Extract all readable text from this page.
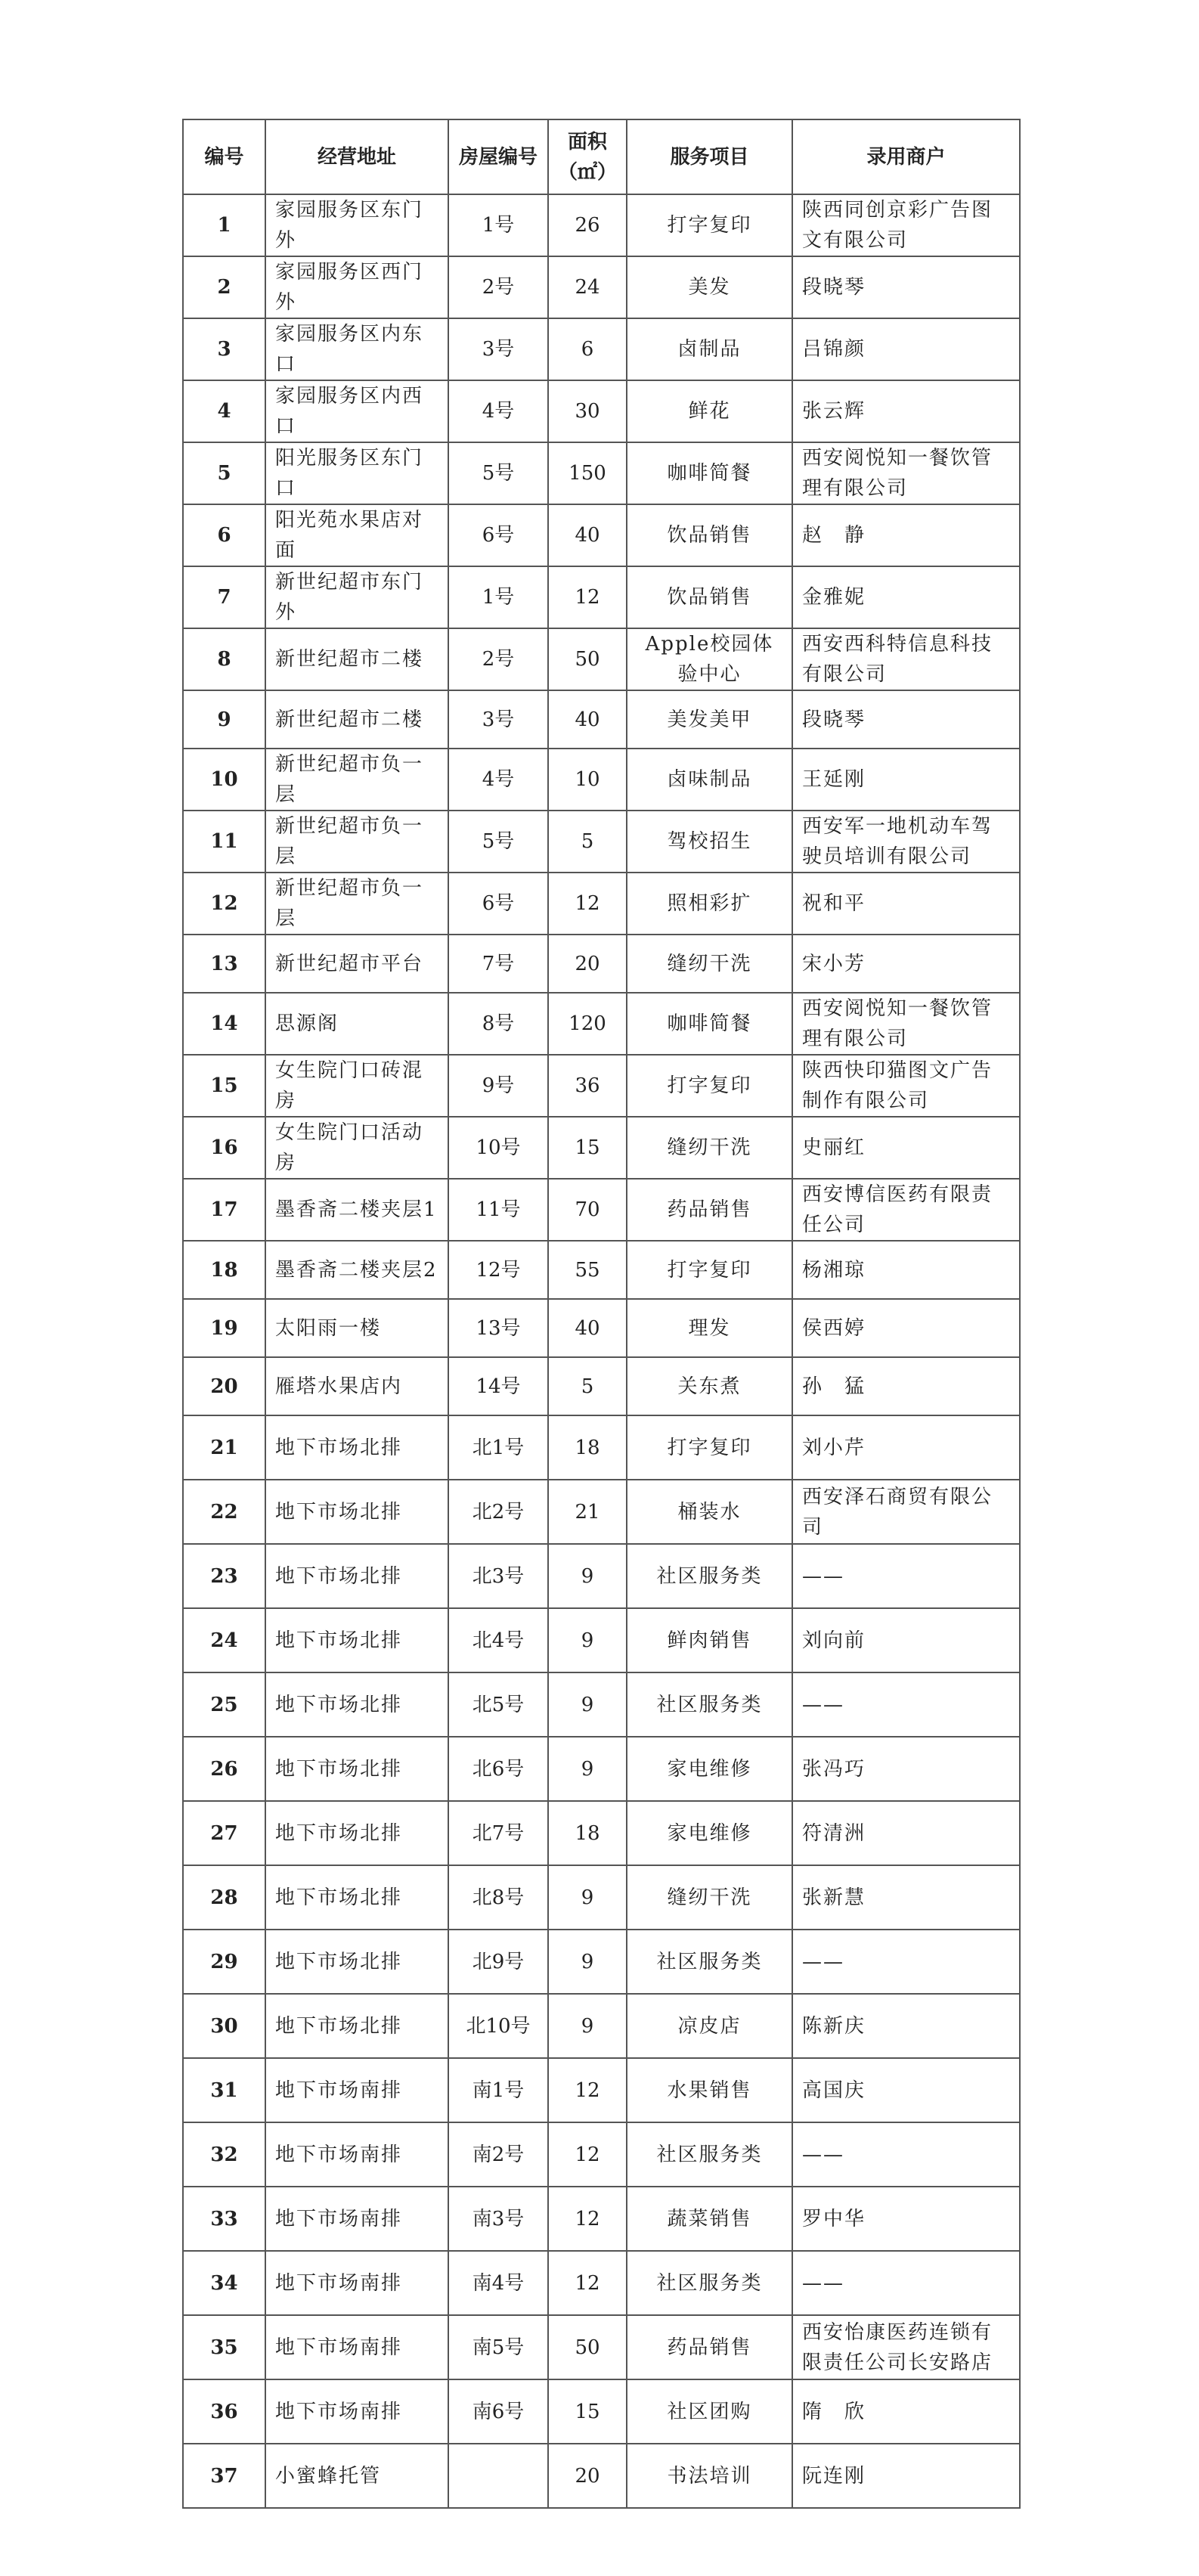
编号	经营地址	房屋编号	面积（㎡）	服务项目	录用商户
1	家园服务区东门外	1号	26	打字复印	陕西同创京彩广告图文有限公司
2	家园服务区西门外	2号	24	美发	段晓琴
3	家园服务区内东口	3号	6	卤制品	吕锦颜
4	家园服务区内西口	4号	30	鲜花	张云辉
5	阳光服务区东门口	5号	150	咖啡简餐	西安阅悦知一餐饮管理有限公司
6	阳光苑水果店对面	6号	40	饮品销售	赵　静
7	新世纪超市东门外	1号	12	饮品销售	金雅妮
8	新世纪超市二楼	2号	50	Apple校园体验中心	西安西科特信息科技有限公司
9	新世纪超市二楼	3号	40	美发美甲	段晓琴
10	新世纪超市负一层	4号	10	卤味制品	王延刚
11	新世纪超市负一层	5号	5	驾校招生	西安军一地机动车驾驶员培训有限公司
12	新世纪超市负一层	6号	12	照相彩扩	祝和平
13	新世纪超市平台	7号	20	缝纫干洗	宋小芳
14	思源阁	8号	120	咖啡简餐	西安阅悦知一餐饮管理有限公司
15	女生院门口砖混房	9号	36	打字复印	陕西快印猫图文广告制作有限公司
16	女生院门口活动房	10号	15	缝纫干洗	史丽红
17	墨香斋二楼夹层1	11号	70	药品销售	西安博信医药有限责任公司
18	墨香斋二楼夹层2	12号	55	打字复印	杨湘琼
19	太阳雨一楼	13号	40	理发	侯西婷
20	雁塔水果店内	14号	5	关东煮	孙　猛
21	地下市场北排	北1号	18	打字复印	刘小芹
22	地下市场北排	北2号	21	桶装水	西安泽石商贸有限公司
23	地下市场北排	北3号	9	社区服务类	——
24	地下市场北排	北4号	9	鲜肉销售	刘向前
25	地下市场北排	北5号	9	社区服务类	——
26	地下市场北排	北6号	9	家电维修	张冯巧
27	地下市场北排	北7号	18	家电维修	符清洲
28	地下市场北排	北8号	9	缝纫干洗	张新慧
29	地下市场北排	北9号	9	社区服务类	——
30	地下市场北排	北10号	9	凉皮店	陈新庆
31	地下市场南排	南1号	12	水果销售	高国庆
32	地下市场南排	南2号	12	社区服务类	——
33	地下市场南排	南3号	12	蔬菜销售	罗中华
34	地下市场南排	南4号	12	社区服务类	——
35	地下市场南排	南5号	50	药品销售	西安怡康医药连锁有限责任公司长安路店
36	地下市场南排	南6号	15	社区团购	隋　欣
37	小蜜蜂托管		20	书法培训	阮连刚
